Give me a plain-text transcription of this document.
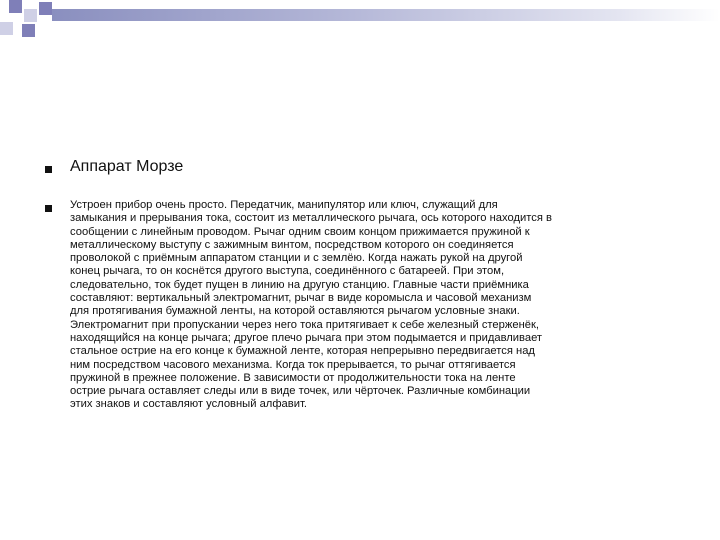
Аппарат Морзе
Устроен прибор очень просто. Передатчик, манипулятор или ключ, служащий для
замыкания и прерывания тока, состоит из металлического рычага, ось которого находится в
сообщении с линейным проводом. Рычаг одним своим концом прижимается пружиной к
металлическому выступу с зажимным винтом, посредством которого он соединяется
проволокой с приёмным аппаратом станции и с землёю. Когда нажать рукой на другой
конец рычага, то он коснётся другого выступа, соединённого с батареей. При этом,
следовательно, ток будет пущен в линию на другую станцию. Главные части приёмника
составляют: вертикальный электромагнит, рычаг в виде коромысла и часовой механизм
для протягивания бумажной ленты, на которой оставляются рычагом условные знаки.
Электромагнит при пропускании через него тока притягивает к себе железный стерженёк,
находящийся на конце рычага; другое плечо рычага при этом подымается и придавливает
стальное острие на его конце к бумажной ленте, которая непрерывно передвигается над
ним посредством часового механизма. Когда ток прерывается, то рычаг оттягивается
пружиной в прежнее положение. В зависимости от продолжительности тока на ленте
острие рычага оставляет следы или в виде точек, или чёрточек. Различные комбинации
этих знаков и составляют условный алфавит.
